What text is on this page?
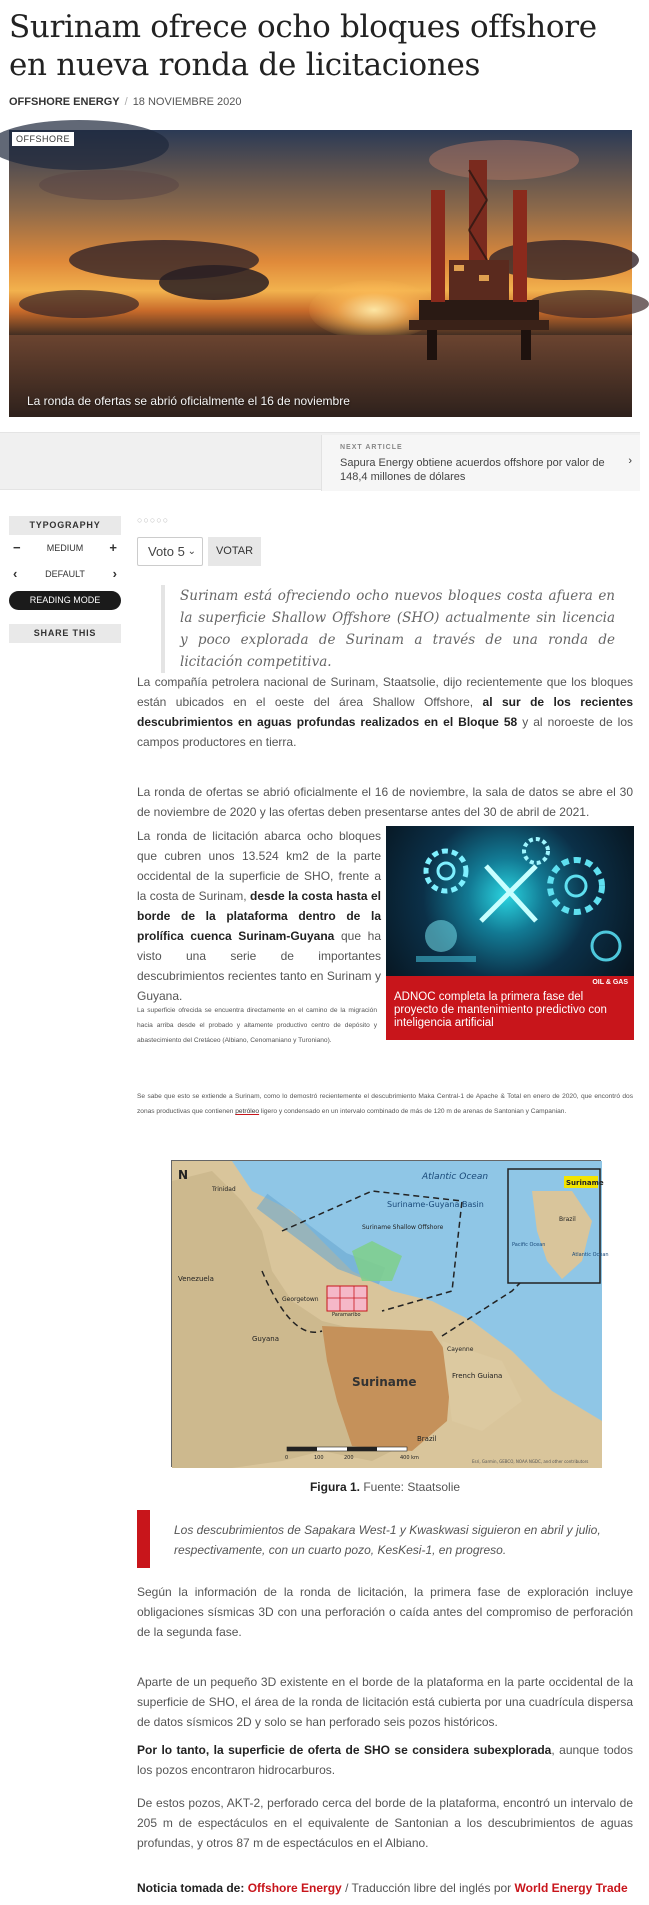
Surinam ofrece ocho bloques offshore en nueva ronda de licitaciones
OFFSHORE ENERGY / 18 NOVIEMBRE 2020
OFFSHORE
La ronda de ofertas se abrió oficialmente el 16 de noviembre
NEXT ARTICLE
Sapura Energy obtiene acuerdos offshore por valor de 148,4 millones de dólares
›
TYPOGRAPHY
−	MEDIUM +
‹	DEFAULT ›
READING MODE
SHARE THIS
○○○○○
Voto 5 ⌄	VOTAR
Surinam está ofreciendo ocho nuevos bloques costa afuera en la superficie Shallow Offshore (SHO) actualmente sin licencia y poco explorada de Surinam a través de una ronda de licitación competitiva.

La compañía petrolera nacional de Surinam, Staatsolie, dijo recientemente que los bloques están ubicados en el oeste del área Shallow Offshore, al sur de los recientes descubrimientos en aguas profundas realizados en el Bloque 58 y al noroeste de los campos productores en tierra.

La ronda de ofertas se abrió oficialmente el 16 de noviembre, la sala de datos se abre el 30 de noviembre de 2020 y las ofertas deben presentarse antes del 30 de abril de 2021.

La ronda de licitación abarca ocho bloques que cubren unos 13.524 km2 de la parte occidental de la superficie de SHO, frente a la costa de Surinam, desde la costa hasta el borde de la plataforma dentro de la prolífica cuenca Surinam-Guyana que ha visto una serie de importantes descubrimientos recientes tanto en Surinam y Guyana.

OIL & GAS
ADNOC completa la primera fase del proyecto de mantenimiento predictivo con inteligencia artificial

La superficie ofrecida se encuentra directamente en el camino de la migración hacia arriba desde el probado y altamente productivo centro de depósito y abastecimiento del Cretáceo (Albiano, Cenomaniano y Turoniano).

Se sabe que esto se extiende a Surinam, como lo demostró recientemente el descubrimiento Maka Central-1 de Apache & Total en enero de 2020, que encontró dos zonas productivas que contienen petróleo ligero y condensado en un intervalo combinado de más de 120 m de arenas de Santonian y Campanian.

Suriname
Brazil
Pacific Ocean
Atlantic Ocean
N	Atlantic Ocean
Suriname-Guyana Basin
Suriname Shallow Offshore
Trinidad
Venezuela
Guyana
Georgetown
Paramaribo
Suriname	French Guiana
Cayenne
Brazil
0	100	200	400 km
Esri, Garmin, GEBCO, NOAA NGDC, and other contributors
Figura 1. Fuente: Staatsolie
Los descubrimientos de Sapakara West-1 y Kwaskwasi siguieron en abril y julio, respectivamente, con un cuarto pozo, KesKesi-1, en progreso.

Según la información de la ronda de licitación, la primera fase de exploración incluye obligaciones sísmicas 3D con una perforación o caída antes del compromiso de perforación de la segunda fase.

Aparte de un pequeño 3D existente en el borde de la plataforma en la parte occidental de la superficie de SHO, el área de la ronda de licitación está cubierta por una cuadrícula dispersa de datos sísmicos 2D y solo se han perforado seis pozos históricos.

Por lo tanto, la superficie de oferta de SHO se considera subexplorada, aunque todos los pozos encontraron hidrocarburos.

De estos pozos, AKT-2, perforado cerca del borde de la plataforma, encontró un intervalo de 205 m de espectáculos en el equivalente de Santonian a los descubrimientos de aguas profundas, y otros 87 m de espectáculos en el Albiano.

Noticia tomada de: Offshore Energy / Traducción libre del inglés por World Energy Trade
